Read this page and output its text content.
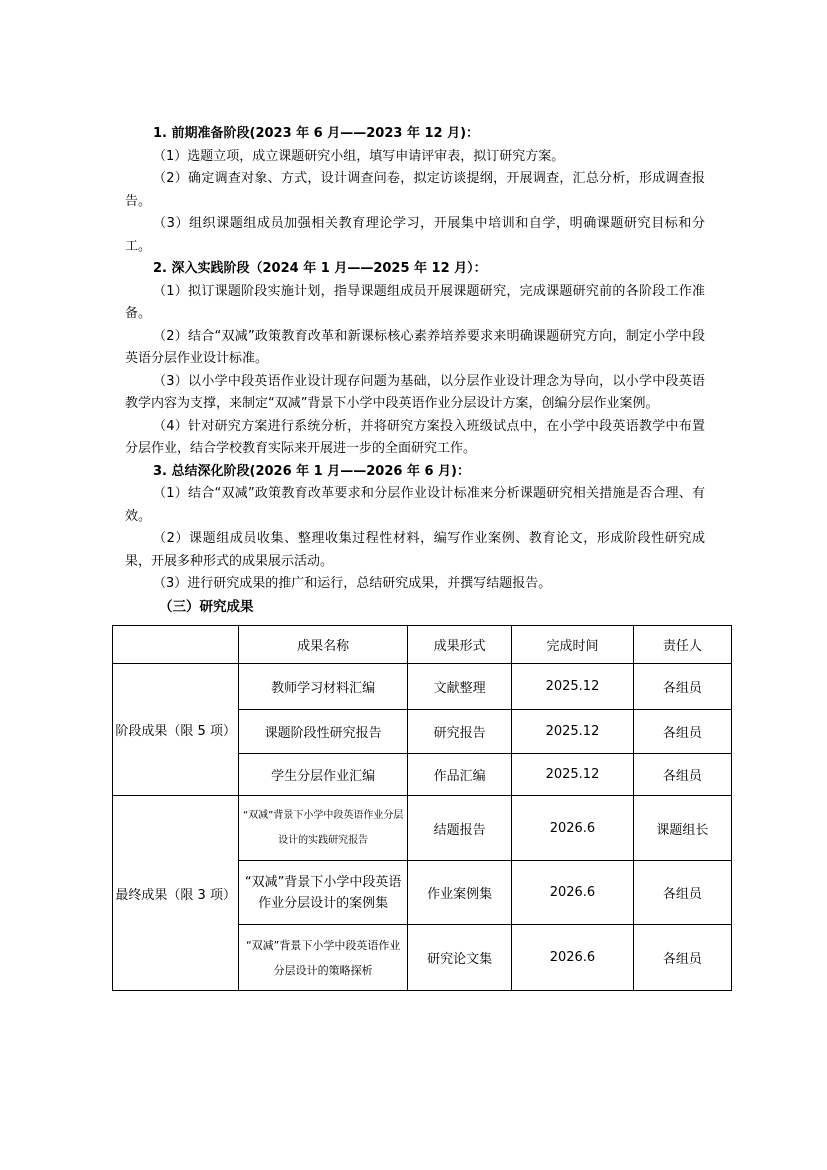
1. 前期准备阶段(2023 年 6 月——2023 年 12 月)：

（1）选题立项，成立课题研究小组，填写申请评审表，拟订研究方案。

（2）确定调查对象、方式，设计调查问卷，拟定访谈提纲，开展调查，汇总分析，形成调查报告。

（3）组织课题组成员加强相关教育理论学习，开展集中培训和自学，明确课题研究目标和分工。

2. 深入实践阶段（2024 年 1 月——2025 年 12 月）：

（1）拟订课题阶段实施计划，指导课题组成员开展课题研究，完成课题研究前的各阶段工作准备。

（2）结合“双减”政策教育改革和新课标核心素养培养要求来明确课题研究方向，制定小学中段英语分层作业设计标准。

（3）以小学中段英语作业设计现存问题为基础，以分层作业设计理念为导向，以小学中段英语教学内容为支撑，来制定“双减”背景下小学中段英语作业分层设计方案，创编分层作业案例。

（4）针对研究方案进行系统分析，并将研究方案投入班级试点中，在小学中段英语教学中布置分层作业，结合学校教育实际来开展进一步的全面研究工作。

3. 总结深化阶段(2026 年 1 月——2026 年 6 月)：

（1）结合“双减”政策教育改革要求和分层作业设计标准来分析课题研究相关措施是否合理、有效。

（2）课题组成员收集、整理收集过程性材料，编写作业案例、教育论文，形成阶段性研究成果，开展多种形式的成果展示活动。

（3）进行研究成果的推广和运行，总结研究成果，并撰写结题报告。

（三）研究成果

	成果名称	成果形式	完成时间	责任人
阶段成果（限 5 项）	教师学习材料汇编	文献整理	2025.12	各组员
	课题阶段性研究报告	研究报告	2025.12	各组员
	学生分层作业汇编	作品汇编	2025.12	各组员
最终成果（限 3 项）	“双减”背景下小学中段英语作业分层设计的实践研究报告	结题报告	2026.6	课题组长
	“双减”背景下小学中段英语作业分层设计的案例集	作业案例集	2026.6	各组员
	“双减”背景下小学中段英语作业分层设计的策略探析	研究论文集	2026.6	各组员
